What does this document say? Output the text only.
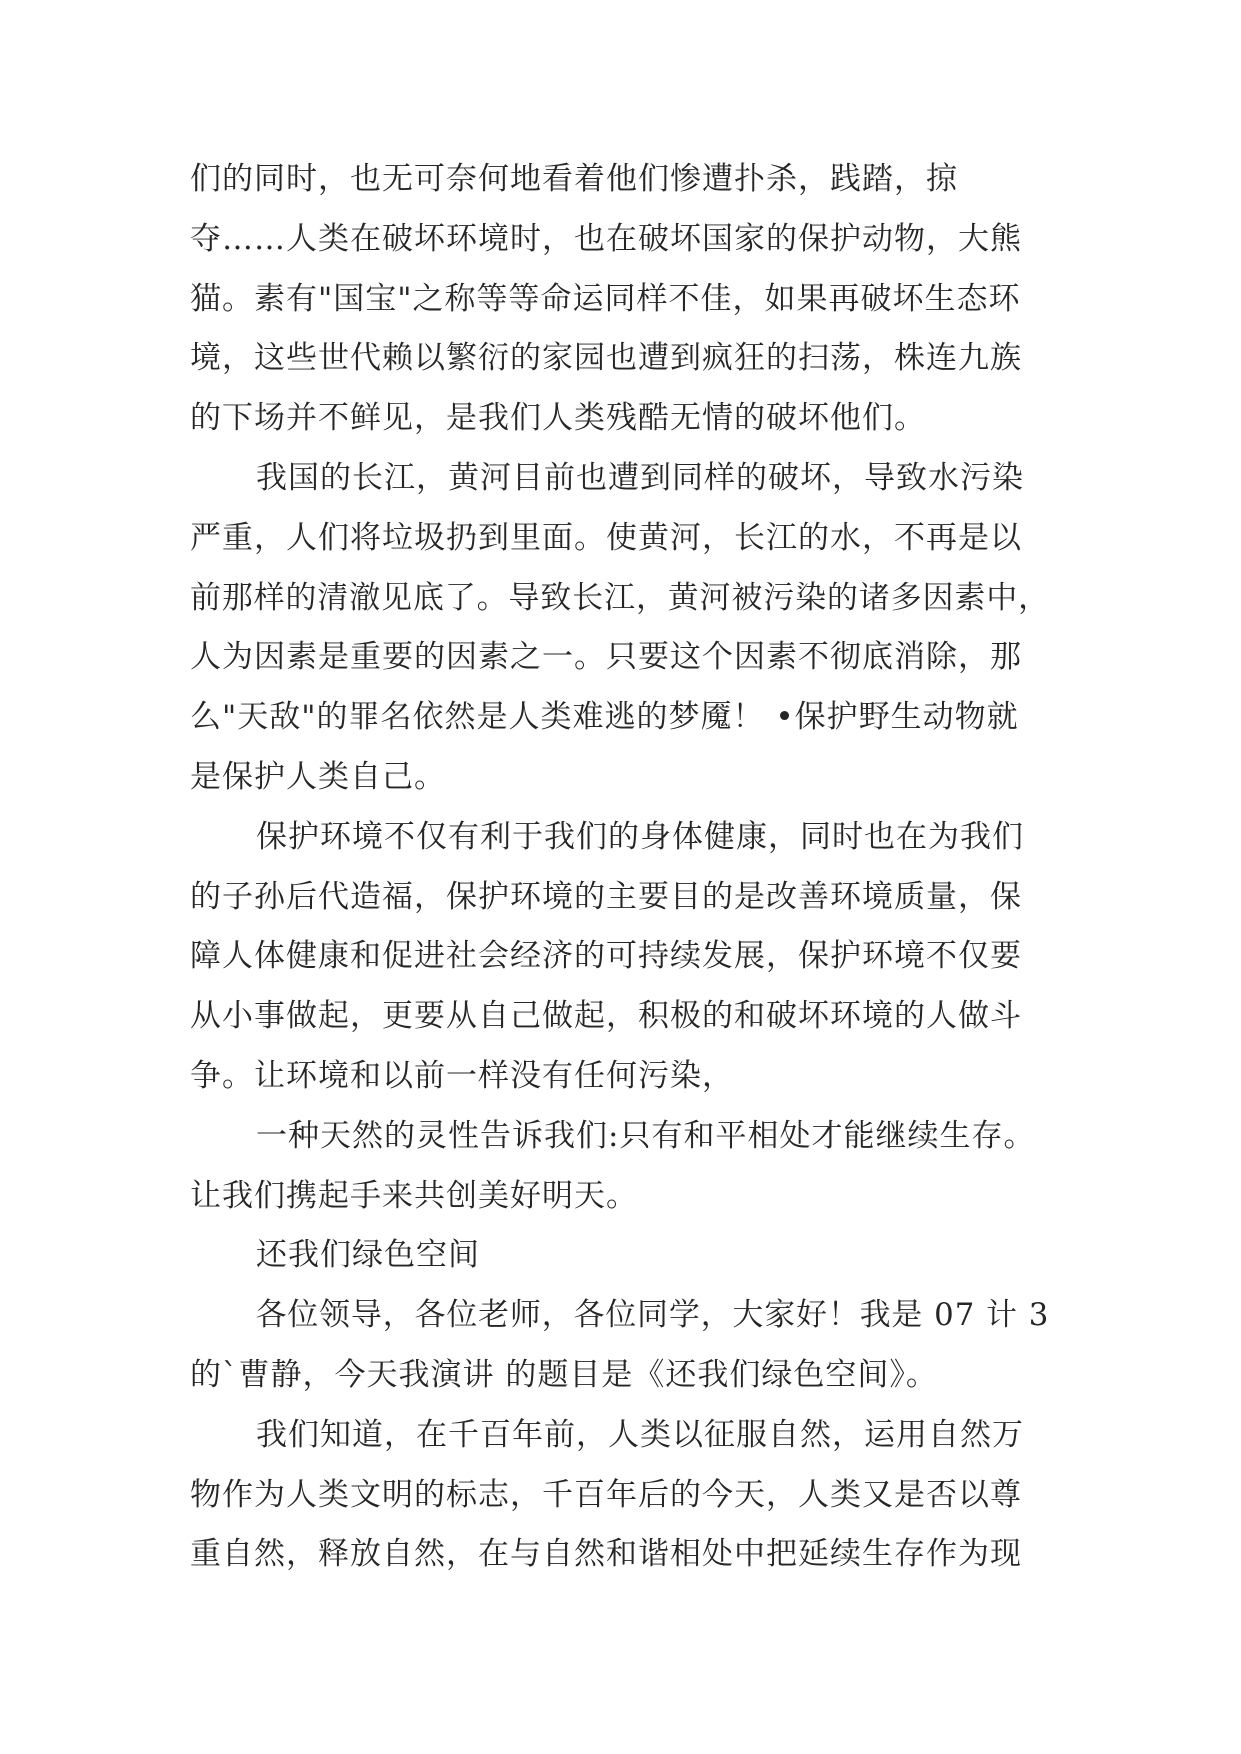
们的同时，也无可奈何地看着他们惨遭扑杀，践踏，掠
夺……人类在破坏环境时，也在破坏国家的保护动物，大熊
猫。素有"国宝"之称等等命运同样不佳，如果再破坏生态环
境，这些世代赖以繁衍的家园也遭到疯狂的扫荡，株连九族
的下场并不鲜见，是我们人类残酷无情的破坏他们。
我国的长江，黄河目前也遭到同样的破坏，导致水污染
严重，人们将垃圾扔到里面。使黄河，长江的水，不再是以
前那样的清澈见底了。导致长江，黄河被污染的诸多因素中，
人为因素是重要的因素之一。只要这个因素不彻底消除，那
么"天敌"的罪名依然是人类难逃的梦魇！ •保护野生动物就
是保护人类自己。
保护环境不仅有利于我们的身体健康，同时也在为我们
的子孙后代造福，保护环境的主要目的是改善环境质量，保
障人体健康和促进社会经济的可持续发展，保护环境不仅要
从小事做起，更要从自己做起，积极的和破坏环境的人做斗
争。让环境和以前一样没有任何污染，
一种天然的灵性告诉我们:只有和平相处才能继续生存。
让我们携起手来共创美好明天。
还我们绿色空间
各位领导，各位老师，各位同学，大家好！我是 07 计 3
的`曹静，今天我演讲 的题目是《还我们绿色空间》。
我们知道，在千百年前，人类以征服自然，运用自然万
物作为人类文明的标志，千百年后的今天，人类又是否以尊
重自然，释放自然，在与自然和谐相处中把延续生存作为现
